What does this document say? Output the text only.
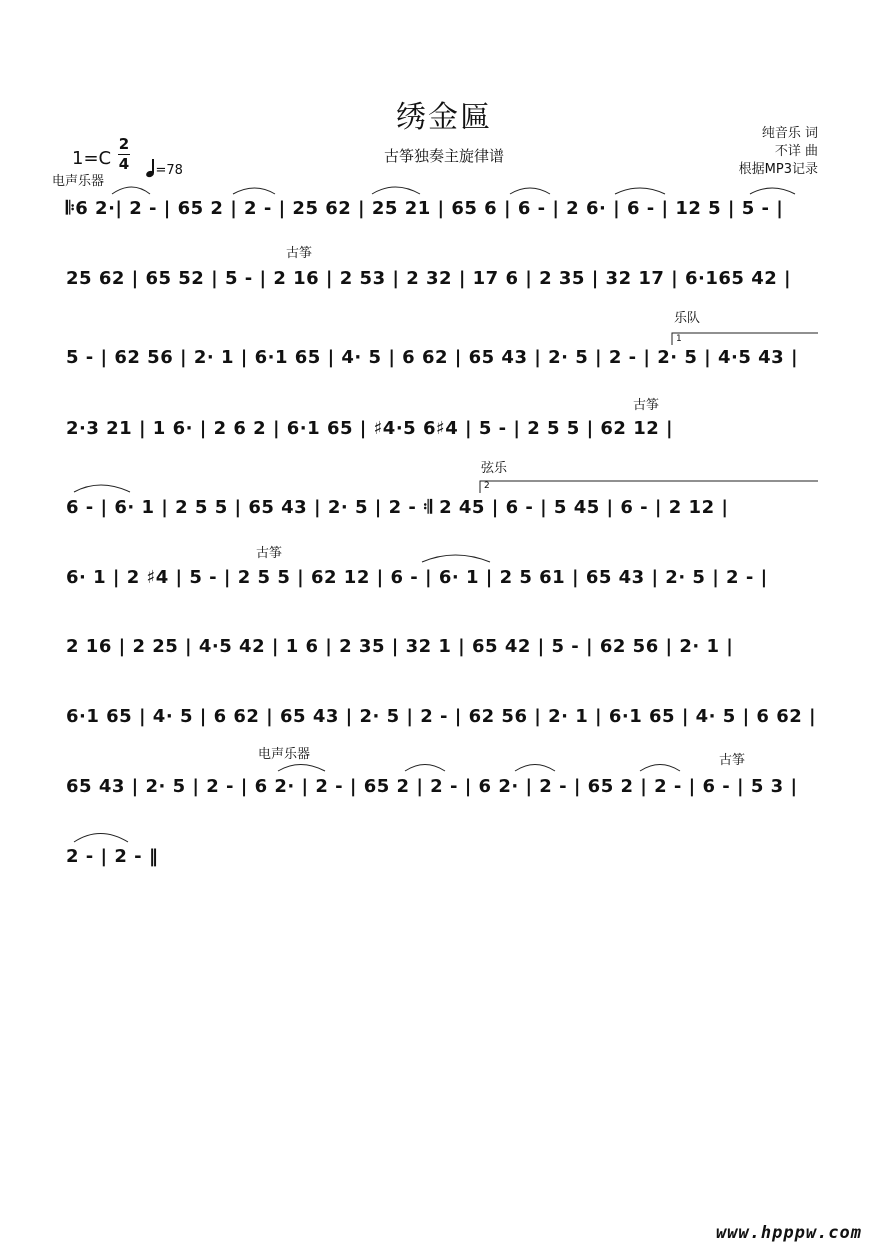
绣金匾
古筝独奏主旋律谱
纯音乐 词
不详 曲
根据MP3记录
1=C
2
4	=78
电声乐器
古筝
乐队
古筝
弦乐
古筝
电声乐器	古筝
1
2
𝄆6 2·| 2 - | 65 2 | 2 - | 25 62 | 25 21 | 65 6 | 6 - | 2 6· | 6 - | 12 5 | 5 - |
25 62 | 65 52 | 5 - | 2 16 | 2 53 | 2 32 | 17 6 | 2 35 | 32 17 | 6·165 42 |
5 - | 62 56 | 2· 1 | 6·1 65 | 4· 5 | 6 62 | 65 43 | 2· 5 | 2 - | 2· 5 | 4·5 43 |
2·3 21 | 1 6· | 2 6 2 | 6·1 65 | ♯4·5 6♯4 | 5 - | 2 5 5 | 62 12 |
6 - | 6· 1 | 2 5 5 | 65 43 | 2· 5 | 2 - 𝄇 2 45 | 6 - | 5 45 | 6 - | 2 12 |
6· 1 | 2 ♯4 | 5 - | 2 5 5 | 62 12 | 6 - | 6· 1 | 2 5 61 | 65 43 | 2· 5 | 2 - |
2 16 | 2 25 | 4·5 42 | 1 6 | 2 35 | 32 1 | 65 42 | 5 - | 62 56 | 2· 1 |
6·1 65 | 4· 5 | 6 62 | 65 43 | 2· 5 | 2 - | 62 56 | 2· 1 | 6·1 65 | 4· 5 | 6 62 |
65 43 | 2· 5 | 2 - | 6 2· | 2 - | 65 2 | 2 - | 6 2· | 2 - | 65 2 | 2 - | 6 - | 5 3 |
2 - | 2 - ‖
www.hpppw.com
